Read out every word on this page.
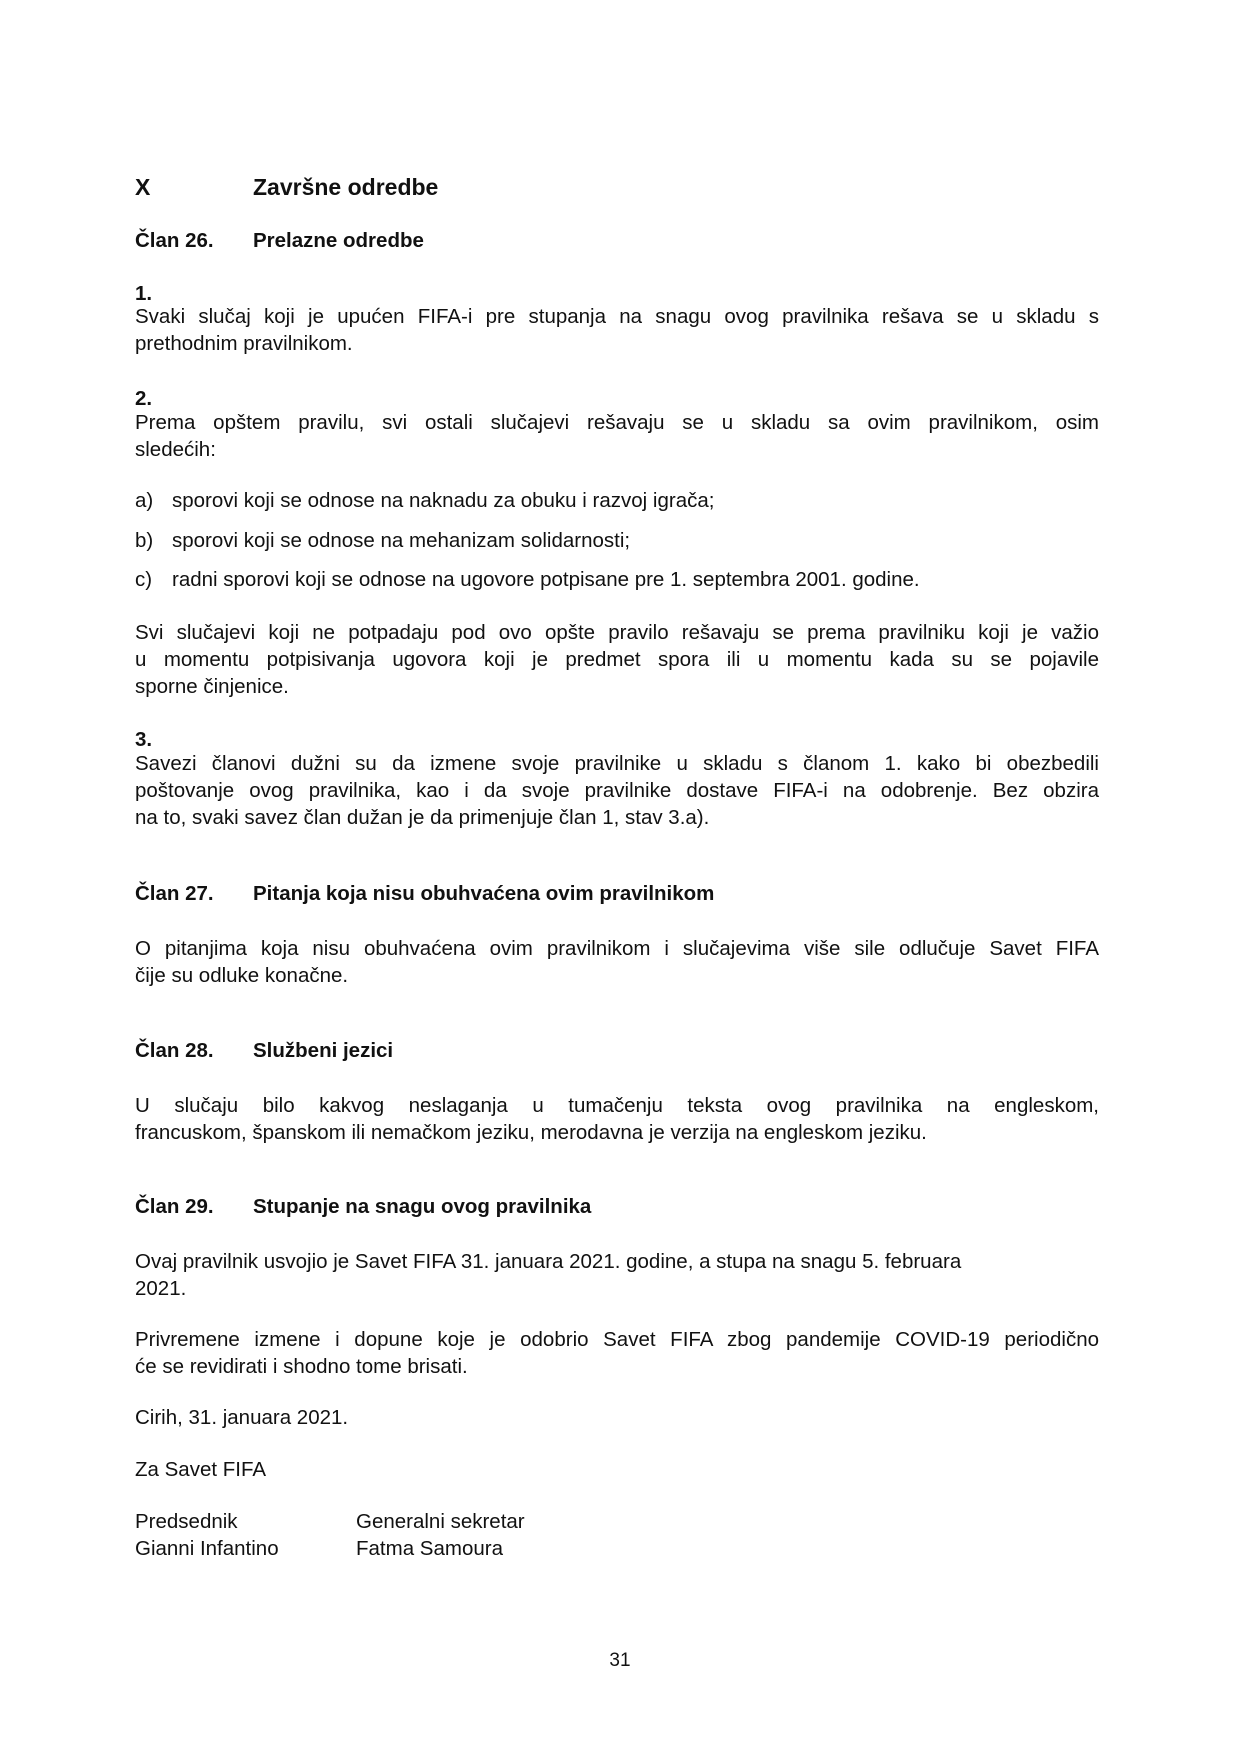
X	Završne odredbe
Član 26. Prelazne odredbe
1.

Svaki slučaj koji je upućen FIFA-i pre stupanja na snagu ovog pravilnika rešava se u skladu s

prethodnim pravilnikom.

2.

Prema opštem pravilu, svi ostali slučajevi rešavaju se u skladu sa ovim pravilnikom, osim

sledećih:

a) sporovi koji se odnose na naknadu za obuku i razvoj igrača;
b) sporovi koji se odnose na mehanizam solidarnosti;
c) radni sporovi koji se odnose na ugovore potpisane pre 1. septembra 2001. godine.

Svi slučajevi koji ne potpadaju pod ovo opšte pravilo rešavaju se prema pravilniku koji je važio

u momentu potpisivanja ugovora koji je predmet spora ili u momentu kada su se pojavile

sporne činjenice.

3.

Savezi članovi dužni su da izmene svoje pravilnike u skladu s članom 1. kako bi obezbedili

poštovanje ovog pravilnika, kao i da svoje pravilnike dostave FIFA-i na odobrenje. Bez obzira

na to, svaki savez član dužan je da primenjuje član 1, stav 3.a).

Član 27. Pitanja koja nisu obuhvaćena ovim pravilnikom

O pitanjima koja nisu obuhvaćena ovim pravilnikom i slučajevima više sile odlučuje Savet FIFA

čije su odluke konačne.

Član 28. Službeni jezici

U slučaju bilo kakvog neslaganja u tumačenju teksta ovog pravilnika na engleskom,

francuskom, španskom ili nemačkom jeziku, merodavna je verzija na engleskom jeziku.

Član 29. Stupanje na snagu ovog pravilnika

Ovaj pravilnik usvojio je Savet FIFA 31. januara 2021. godine, a stupa na snagu 5. februara

2021.

Privremene izmene i dopune koje je odobrio Savet FIFA zbog pandemije COVID-19 periodično

će se revidirati i shodno tome brisati.

Cirih, 31. januara 2021.

Za Savet FIFA

Predsednik
Gianni Infantino
Generalni sekretar
Fatma Samoura
31
